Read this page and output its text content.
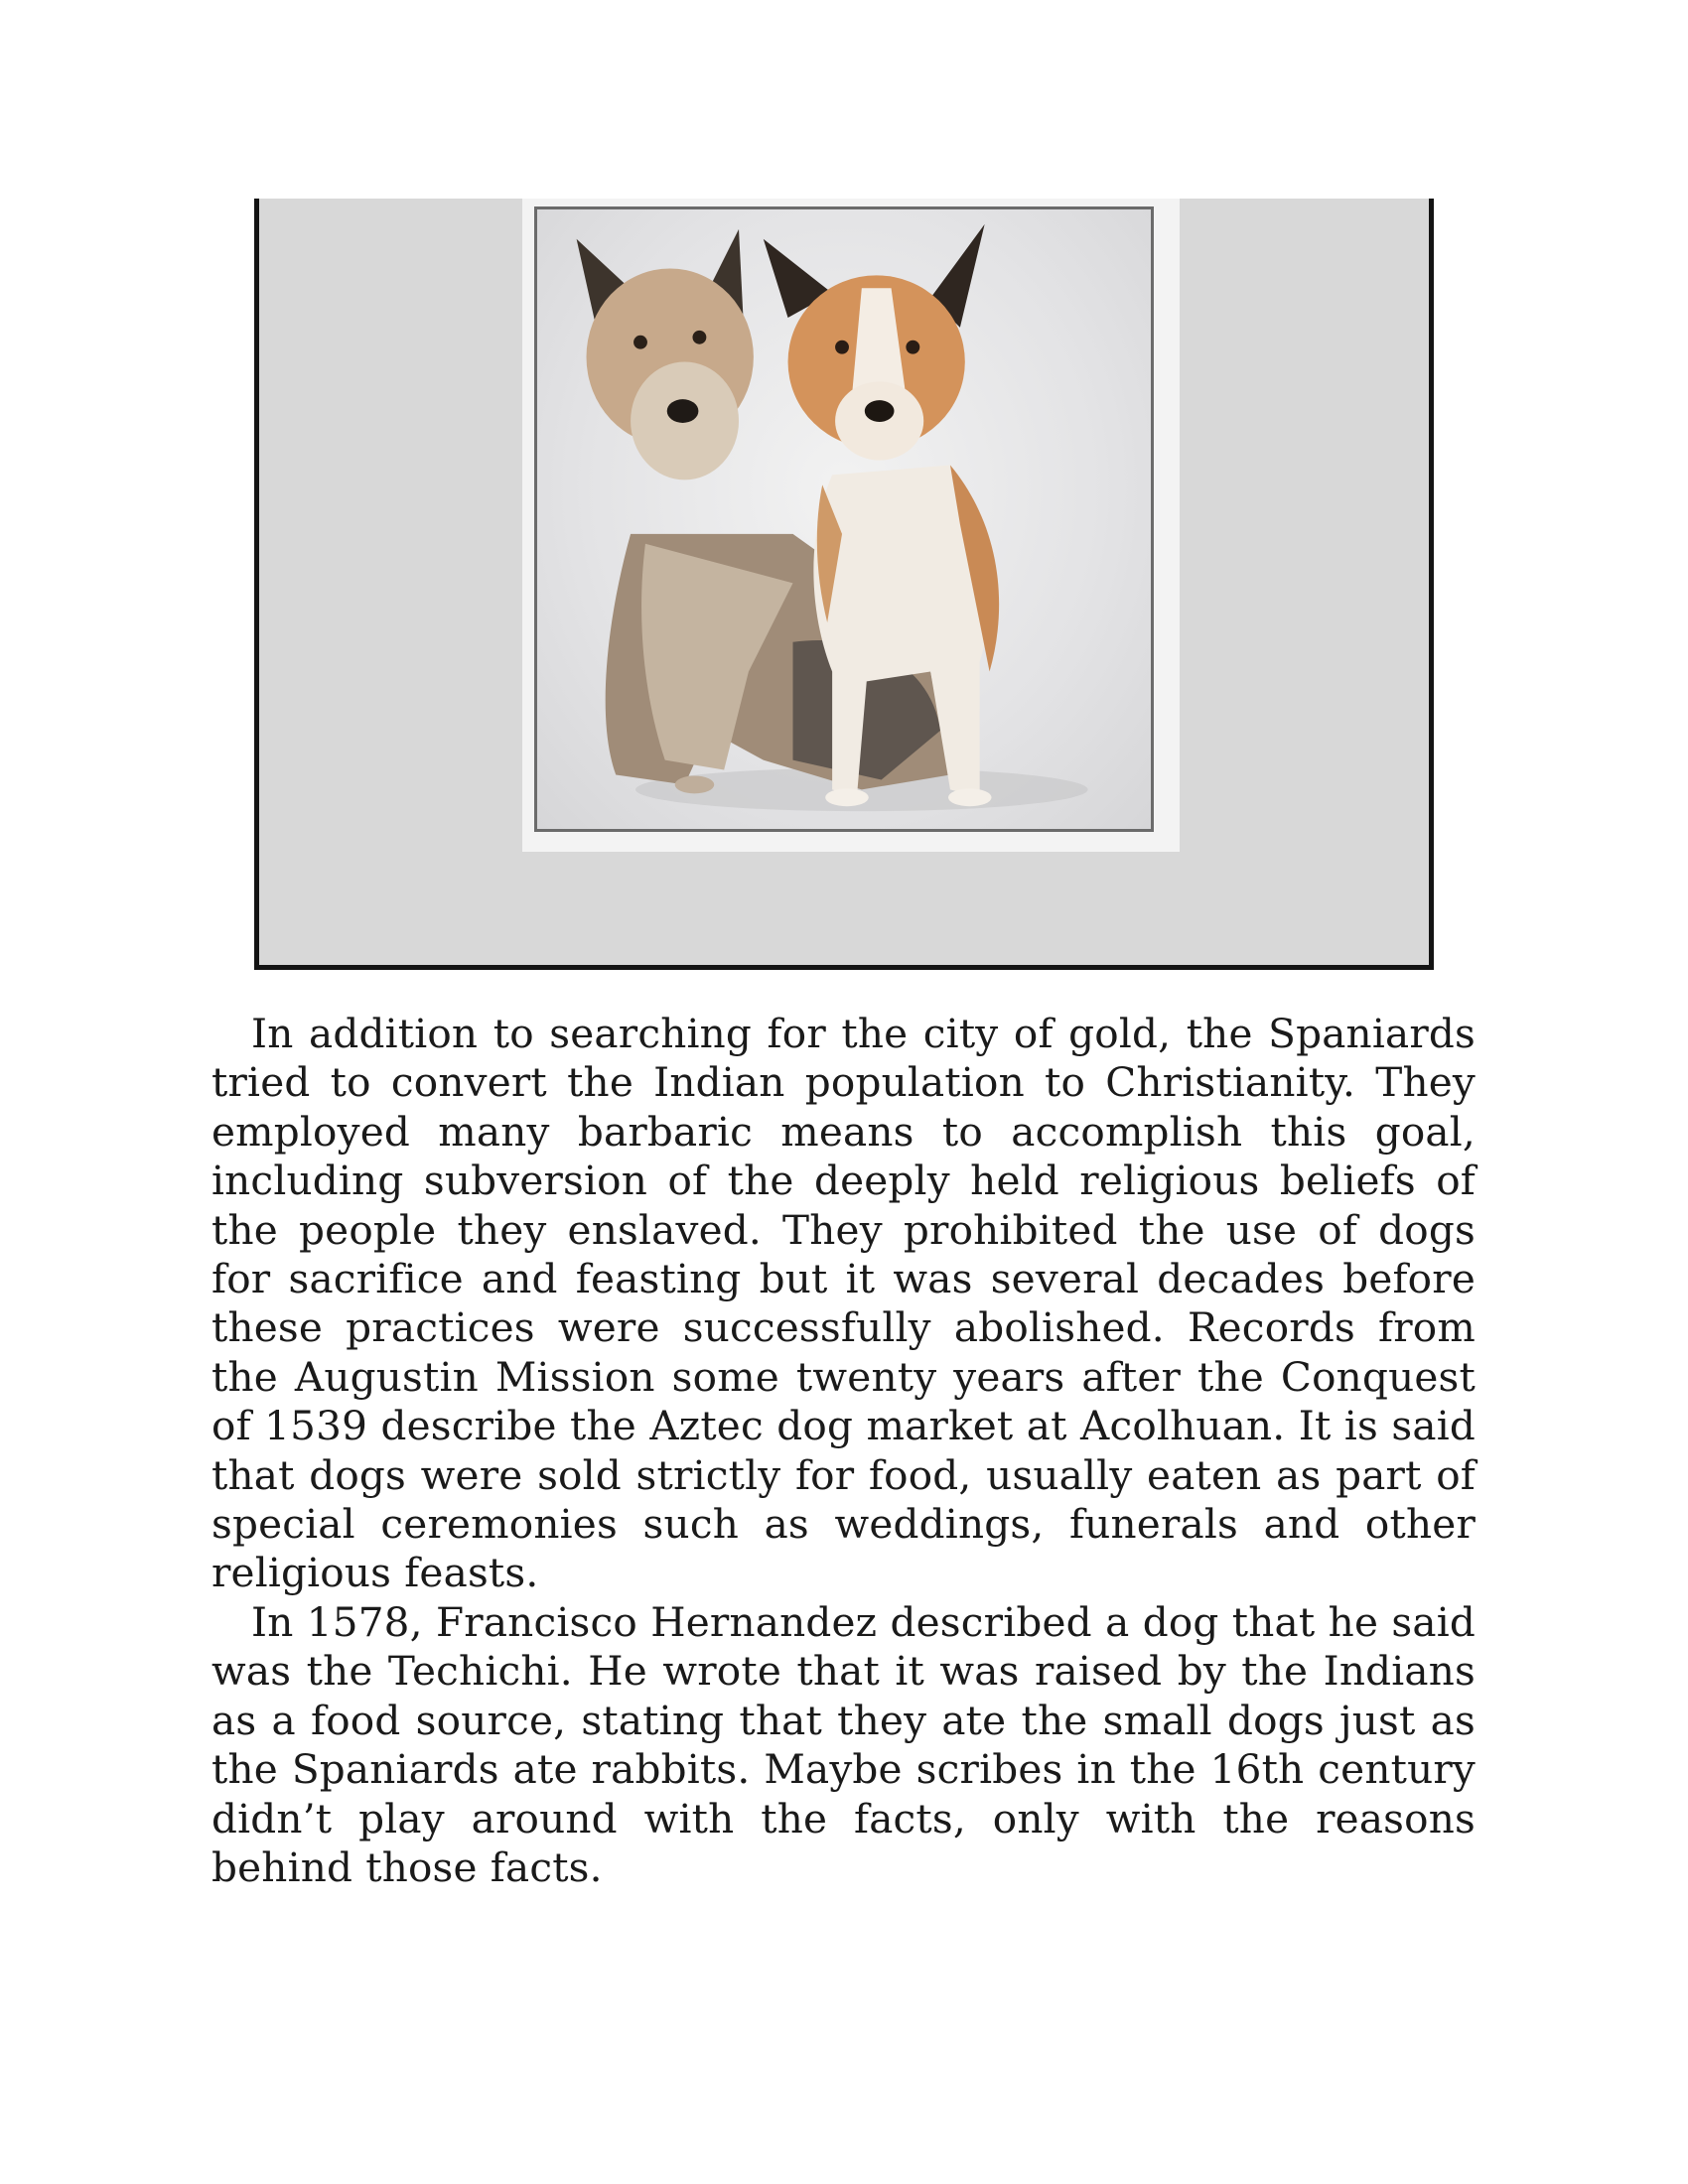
In addition to searching for the city of gold, the Spaniards tried to convert the Indian population to Christianity. They employed many barbaric means to accomplish this goal, including subversion of the deeply held religious beliefs of the people they enslaved. They prohibited the use of dogs for sacrifice and feasting but it was several decades before these practices were successfully abolished. Records from the Augustin Mission some twenty years after the Conquest of 1539 describe the Aztec dog market at Acolhuan. It is said that dogs were sold strictly for food, usually eaten as part of special ceremonies such as weddings, funerals and other religious feasts.

In 1578, Francisco Hernandez described a dog that he said was the Techichi. He wrote that it was raised by the Indians as a food source, stating that they ate the small dogs just as the Spaniards ate rabbits. Maybe scribes in the 16th century didn’t play around with the facts, only with the reasons behind those facts.
